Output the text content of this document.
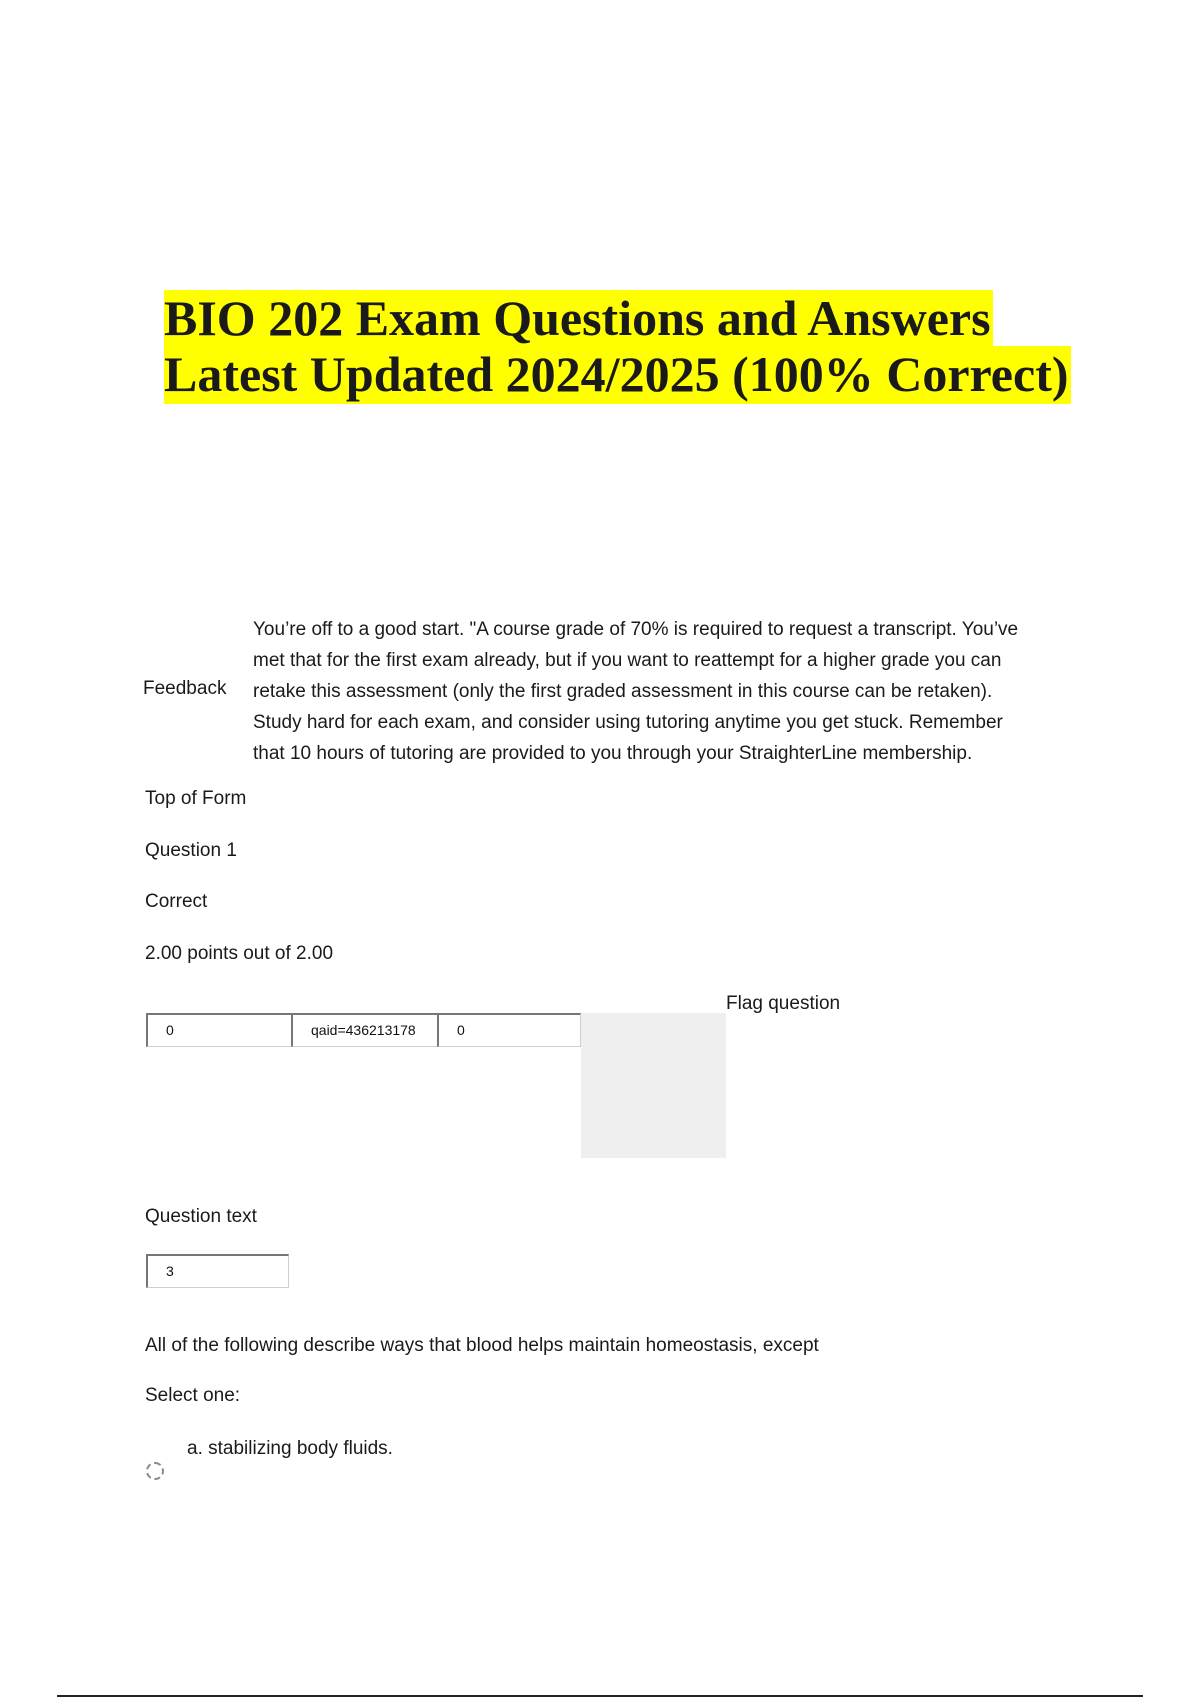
BIO 202 Exam Questions and Answers

Latest Updated 2024/2025 (100% Correct)

Feedback
You’re off to a good start. "A course grade of 70% is required to request a transcript. You’ve
met that for the first exam already, but if you want to reattempt for a higher grade you can
retake this assessment (only the first graded assessment in this course can be retaken).
Study hard for each exam, and consider using tutoring anytime you get stuck. Remember
that 10 hours of tutoring are provided to you through your StraighterLine membership.
Top of Form
Question 1
Correct
2.00 points out of 2.00
0	qaid=436213178	0
Flag question
Question text
3
All of the following describe ways that blood helps maintain homeostasis, except
Select one:
a. stabilizing body fluids.
